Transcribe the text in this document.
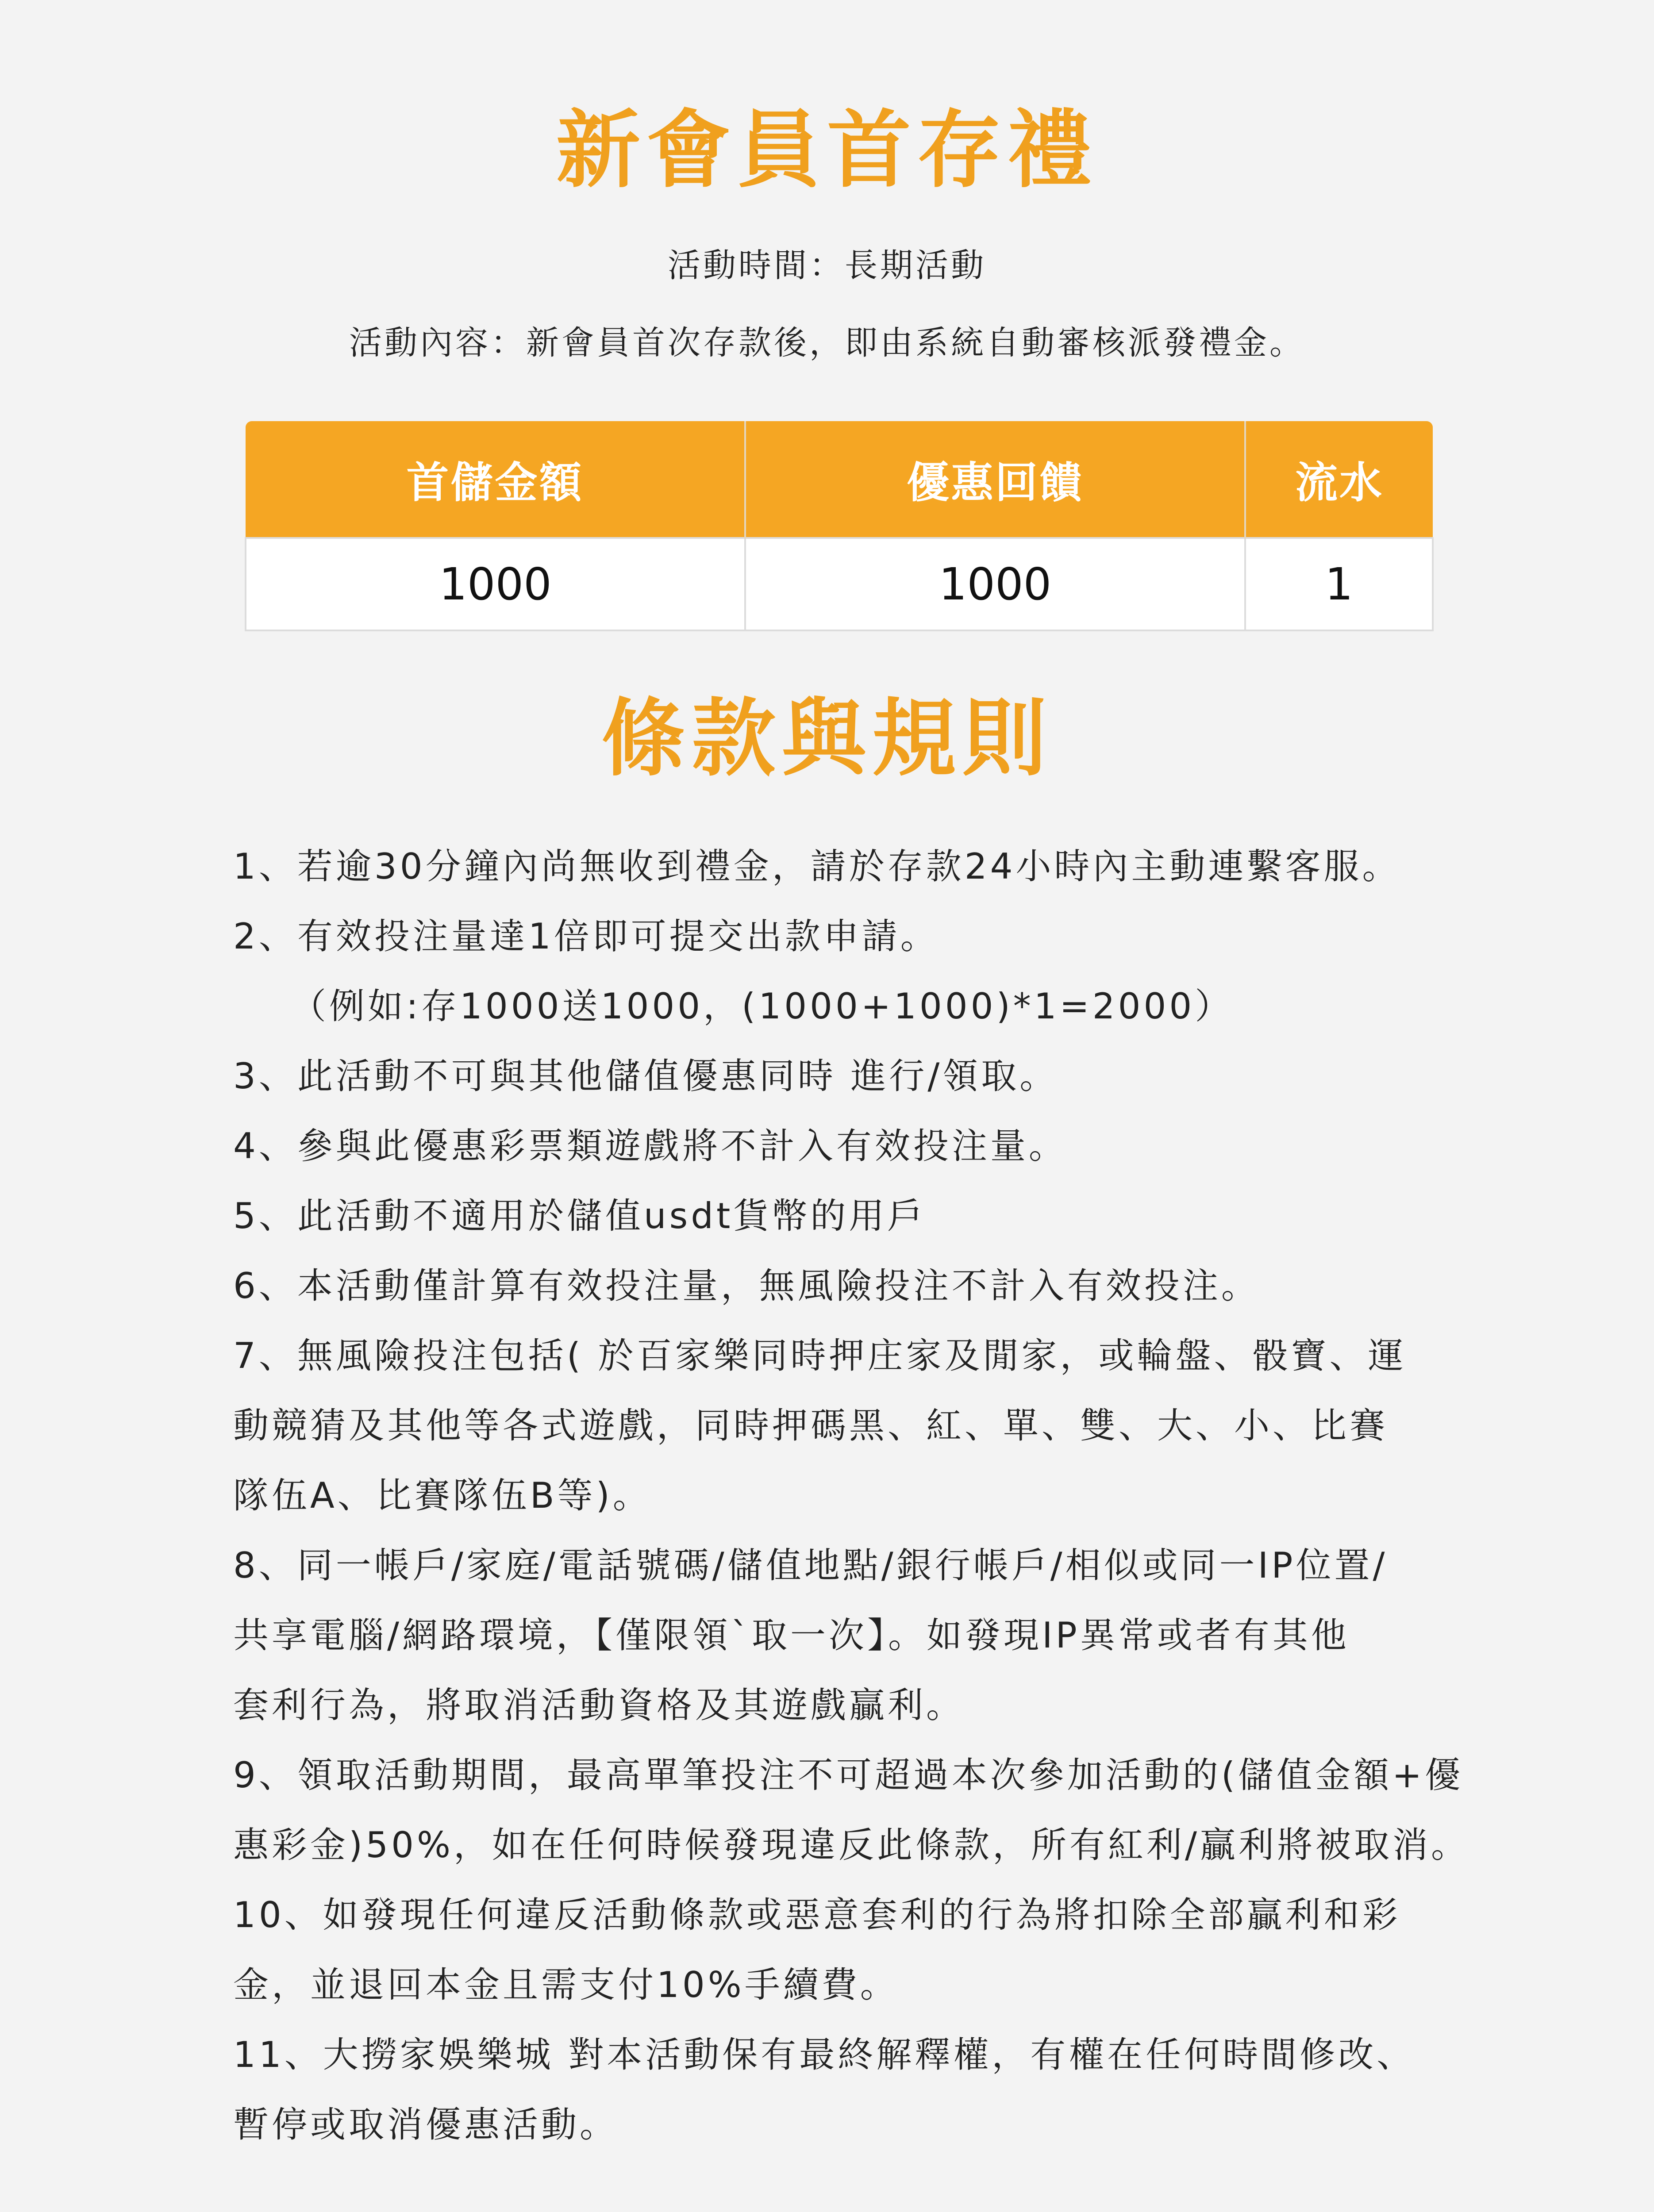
新會員首存禮
活動時間：長期活動
活動內容：新會員首次存款後，即由系統自動審核派發禮金。
首儲金額	優惠回饋	流水
1000	1000	1
條款與規則

1、若逾30分鐘內尚無收到禮金，請於存款24小時內主動連繫客服。

2、有效投注量達1倍即可提交出款申請。

（例如:存1000送1000，(1000+1000)*1=2000）

3、此活動不可與其他儲值優惠同時 進行/領取。

4、參與此優惠彩票類遊戲將不計入有效投注量。

5、此活動不適用於儲值usdt貨幣的用戶

6、本活動僅計算有效投注量，無風險投注不計入有效投注。

7、無風險投注包括( 於百家樂同時押庄家及閒家，或輪盤、骰寶、運

動競猜及其他等各式遊戲，同時押碼黑、紅、單、雙、大、小、比賽

隊伍A、比賽隊伍B等)。

8、同一帳戶/家庭/電話號碼/儲值地點/銀行帳戶/相似或同一IP位置/

共享電腦/網路環境，【僅限領`取一次】。如發現IP異常或者有其他

套利行為，將取消活動資格及其遊戲贏利。

9、領取活動期間，最高單筆投注不可超過本次參加活動的(儲值金額+優

惠彩金)50%，如在任何時候發現違反此條款，所有紅利/贏利將被取消。

10、如發現任何違反活動條款或惡意套利的行為將扣除全部贏利和彩

金，並退回本金且需支付10%手續費。

11、大撈家娛樂城 對本活動保有最終解釋權，有權在任何時間修改、

暫停或取消優惠活動。
